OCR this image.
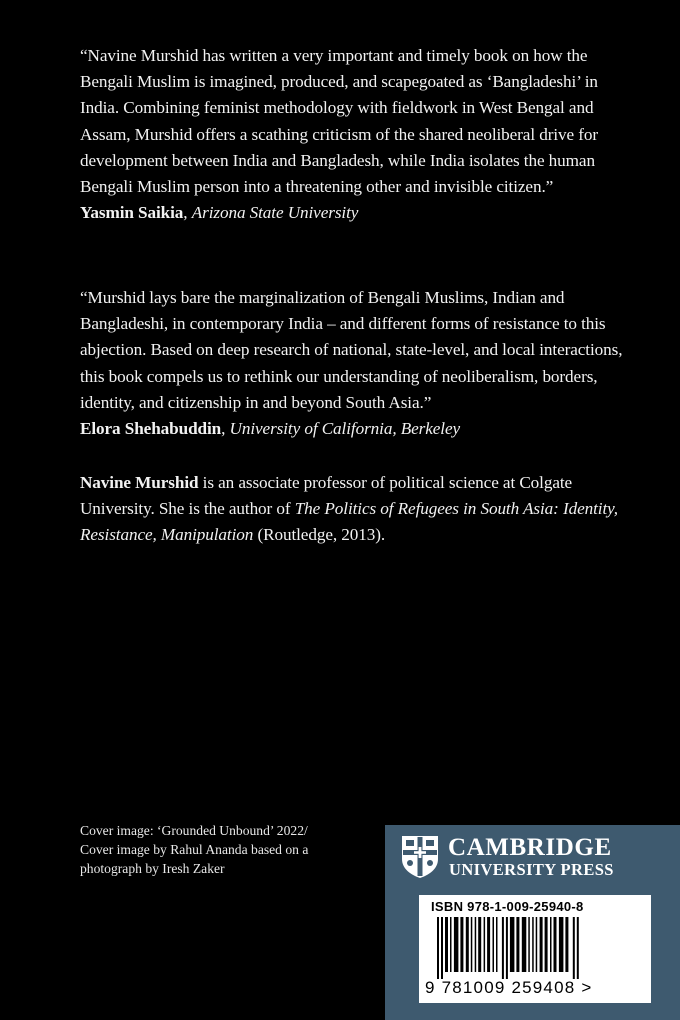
“Navine Murshid has written a very important and timely book on how the Bengali Muslim is imagined, produced, and scapegoated as ‘Bangladeshi’ in India. Combining feminist methodology with fieldwork in West Bengal and Assam, Murshid offers a scathing criticism of the shared neoliberal drive for development between India and Bangladesh, while India isolates the human Bengali Muslim person into a threatening other and invisible citizen.”

Yasmin Saikia, Arizona State University

“Murshid lays bare the marginalization of Bengali Muslims, Indian and Bangladeshi, in contemporary India – and different forms of resistance to this abjection. Based on deep research of national, state-level, and local interactions, this book compels us to rethink our understanding of neoliberalism, borders, identity, and citizenship in and beyond South Asia.”

Elora Shehabuddin, University of California, Berkeley

Navine Murshid is an associate professor of political science at Colgate University. She is the author of The Politics of Refugees in South Asia: Identity, Resistance, Manipulation (Routledge, 2013).

Cover image: ‘Grounded Unbound’ 2022/
Cover image by Rahul Ananda based on a
photograph by Iresh Zaker
CAMBRIDGE
UNIVERSITY PRESS
ISBN 978-1-009-25940-8
9 781009 259408 >
